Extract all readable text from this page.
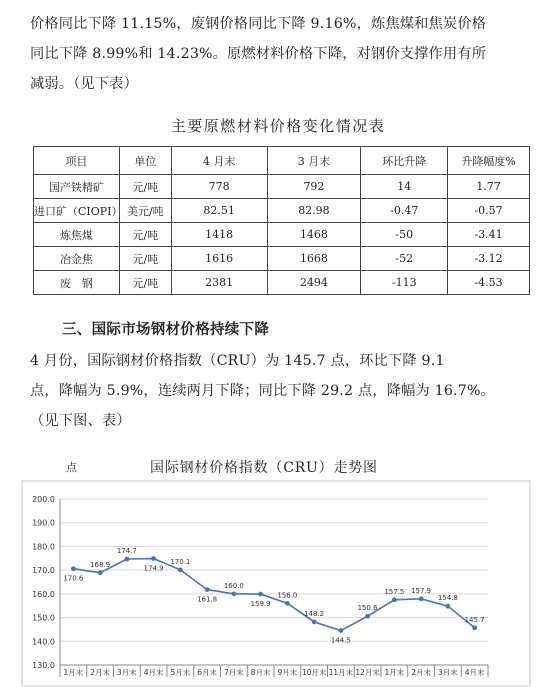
价格同比下降 11.15%，废钢价格同比下降 9.16%，炼焦煤和焦炭价格
同比下降 8.99%和 14.23%。原燃材料价格下降，对钢价支撑作用有所
减弱。（见下表）

主要原燃材料价格变化情况表
项目	单位	4 月末	3 月末	环比升降	升降幅度%
国产铁精矿	元/吨	778	792	14	1.77
进口矿（CIOPI）	美元/吨	82.51	82.98	-0.47	-0.57
炼焦煤	元/吨	1418	1468	-50	-3.41
冶金焦	元/吨	1616	1668	-52	-3.12
废　钢	元/吨	2381	2494	-113	-4.53
三、国际市场钢材价格持续下降

4 月份，国际钢材价格指数（CRU）为 145.7 点，环比下降 9.1
点，降幅为 5.9%，连续两月下降；同比下降 29.2 点，降幅为 16.7%。
（见下图、表）

点	国际钢材价格指数（CRU）走势图
130.0
140.0
150.0
160.0
170.0
180.0
190.0
200.0
1月末 2月末 3月末 4月末 5月末 6月末 7月末 8月末 9月末 10月末 11月末 12月末 1月末 2月末 3月末 4月末
170.6
168.9
174.7
174.9
170.1
161.8
160.0
159.9
156.0
148.2
144.5
150.6
157.5 157.9
154.8
145.7
